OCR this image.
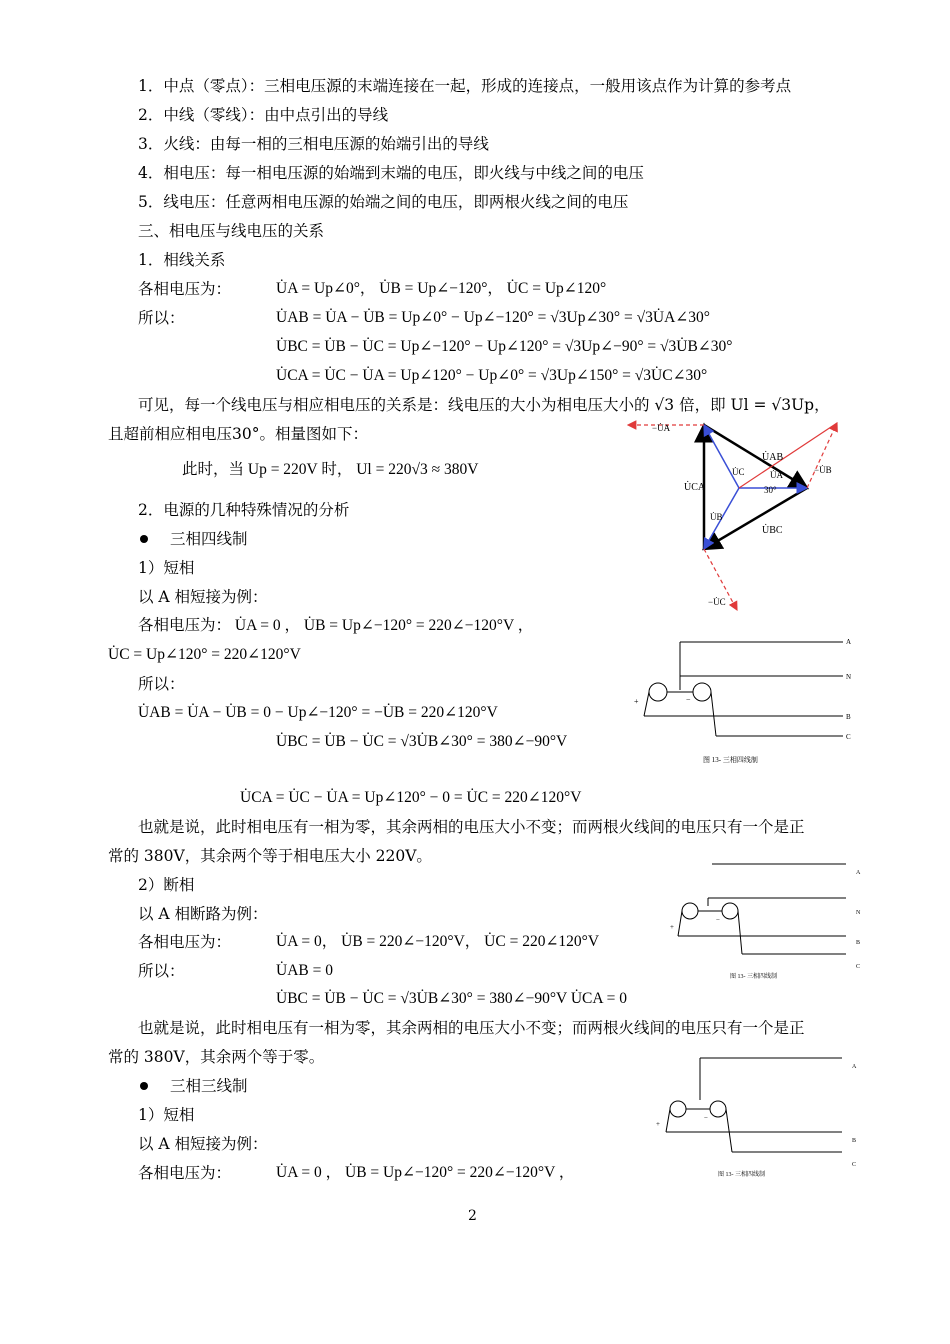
1．中点（零点）：三相电压源的末端连接在一起，形成的连接点，一般用该点作为计算的参考点
2．中线（零线）：由中点引出的导线
3．火线：由每一相的三相电压源的始端引出的导线
4．相电压：每一相电压源的始端到末端的电压，即火线与中线之间的电压
5．线电压：任意两相电压源的始端之间的电压，即两根火线之间的电压
三、相电压与线电压的关系
1．相线关系
各相电压为：	U̇A = Up∠0°， U̇B = Up∠−120°， U̇C = Up∠120°
所以：	U̇AB = U̇A − U̇B = Up∠0° − Up∠−120° = √3Up∠30° = √3U̇A∠30°
U̇BC = U̇B − U̇C = Up∠−120° − Up∠120° = √3Up∠−90° = √3U̇B∠30°
U̇CA = U̇C − U̇A = Up∠120° − Up∠0° = √3Up∠150° = √3U̇C∠30°
可见，每一个线电压与相应相电压的关系是：线电压的大小为相电压大小的 √3 倍，即 Ul = √3Up，
且超前相应相电压30°。相量图如下：
此时，当 Up = 220V 时， Ul = 220√3 ≈ 380V
2．电源的几种特殊情况的分析
三相四线制
1）短相
以 A 相短接为例：
各相电压为： U̇A = 0 ， U̇B = Up∠−120° = 220∠−120°V ，
U̇C = Up∠120° = 220∠120°V
所以：
U̇AB = U̇A − U̇B = 0 − Up∠−120° = −U̇B = 220∠120°V
U̇BC = U̇B − U̇C = √3U̇B∠30° = 380∠−90°V
U̇CA = U̇C − U̇A = Up∠120° − 0 = U̇C = 220∠120°V
也就是说，此时相电压有一相为零，其余两相的电压大小不变；而两根火线间的电压只有一个是正
常的 380V，其余两个等于相电压大小 220V。
2）断相
以 A 相断路为例：
各相电压为：	U̇A = 0， U̇B = 220∠−120°V， U̇C = 220∠120°V
所以：	U̇AB = 0
U̇BC = U̇B − U̇C = √3U̇B∠30° = 380∠−90°V U̇CA = 0
也就是说，此时相电压有一相为零，其余两相的电压大小不变；而两根火线间的电压只有一个是正
常的 380V，其余两个等于零。
三相三线制
1）短相
以 A 相短接为例：
各相电压为：	U̇A = 0 ， U̇B = Up∠−120° = 220∠−120°V ，
U̇AB
U̇CA
U̇BC
U̇A
U̇B
U̇C
−U̇A
−U̇B
−U̇C
30°
A
N
B
C
+	−
图 13- 三相四线制
A
N
B
C
+
−
图 13- 三相四线制
A
B
C
+
−
图 13- 三相四线制
2
